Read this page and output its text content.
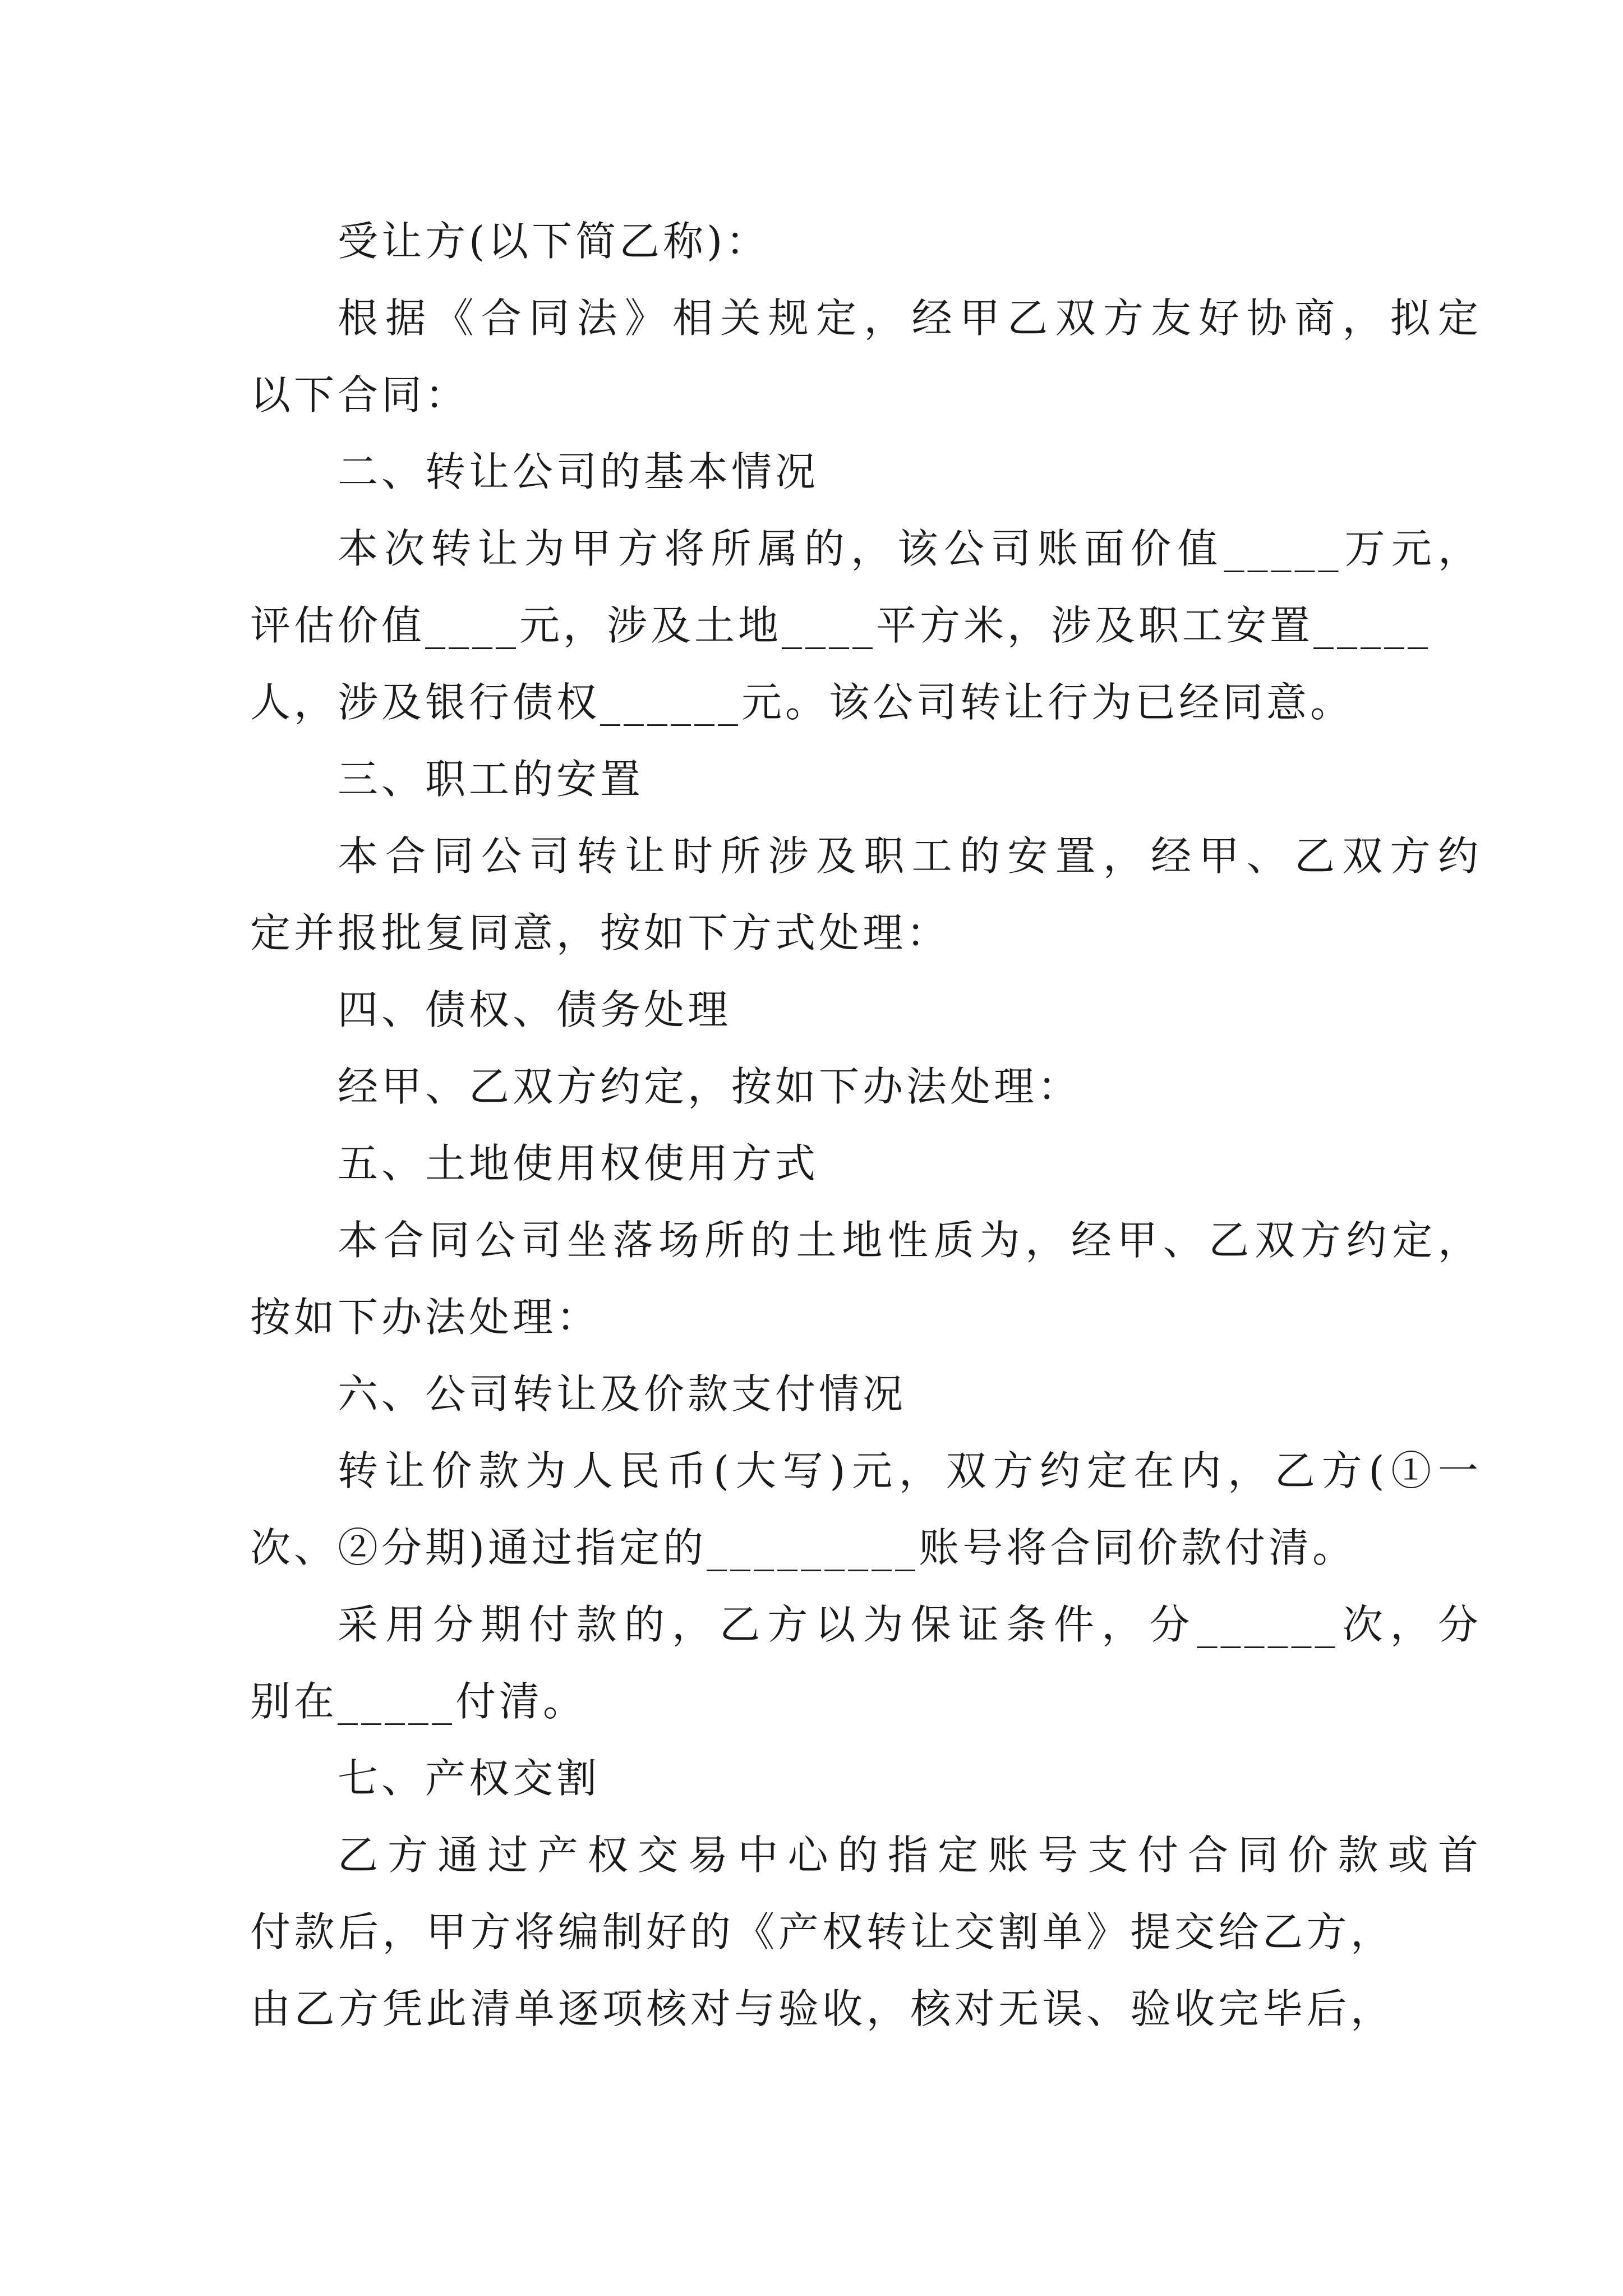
受让方(以下简乙称)：
根据《合同法》相关规定，经甲乙双方友好协商，拟定
以下合同：
二、转让公司的基本情况
本次转让为甲方将所属的，该公司账面价值_____万元，
评估价值____元，涉及土地____平方米，涉及职工安置_____
人，涉及银行债权______元。该公司转让行为已经同意。
三、职工的安置
本合同公司转让时所涉及职工的安置，经甲、乙双方约
定并报批复同意，按如下方式处理：
四、债权、债务处理
经甲、乙双方约定，按如下办法处理：
五、土地使用权使用方式
本合同公司坐落场所的土地性质为，经甲、乙双方约定，
按如下办法处理：
六、公司转让及价款支付情况
转让价款为人民币(大写)元，双方约定在内，乙方(①一
次、②分期)通过指定的_________账号将合同价款付清。
采用分期付款的，乙方以为保证条件，分______次，分
别在_____付清。
七、产权交割
乙方通过产权交易中心的指定账号支付合同价款或首
付款后，甲方将编制好的《产权转让交割单》提交给乙方，
由乙方凭此清单逐项核对与验收，核对无误、验收完毕后，
